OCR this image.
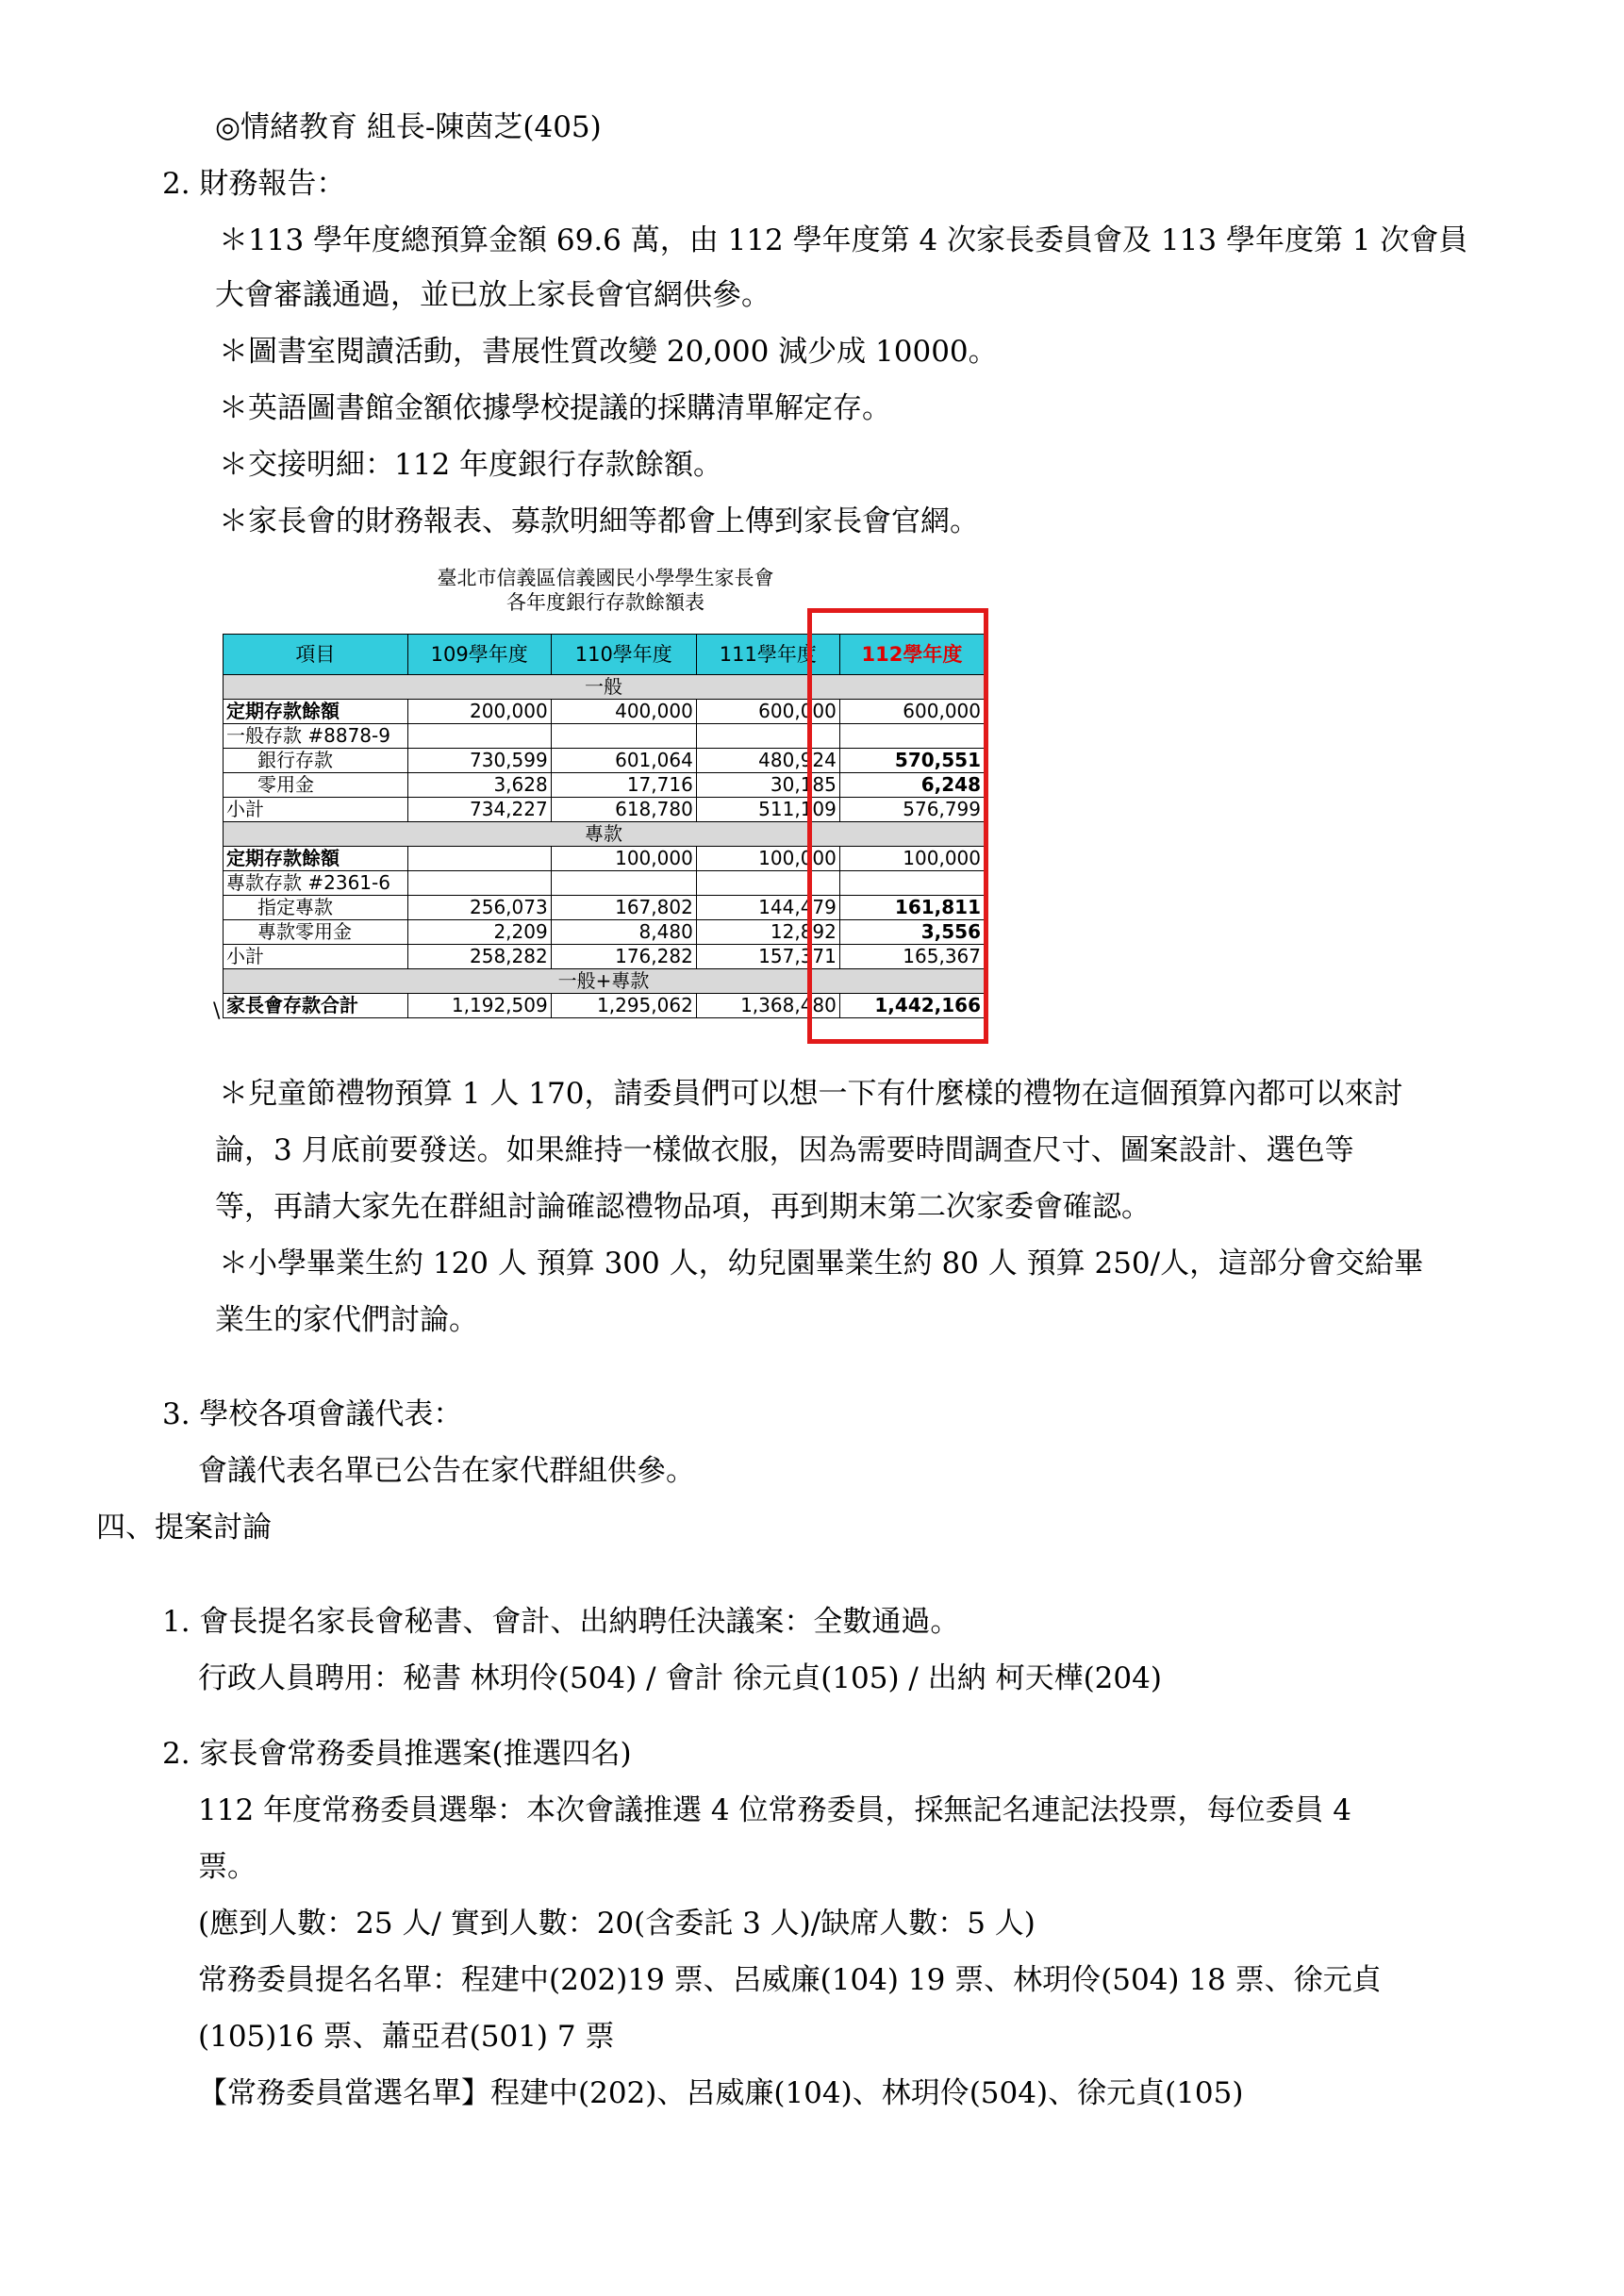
◎情緒教育 組長-陳茵芝(405)
2. 財務報告：
＊113 學年度總預算金額 69.6 萬，由 112 學年度第 4 次家長委員會及 113 學年度第 1 次會員
大會審議通過，並已放上家長會官網供參。
＊圖書室閱讀活動，書展性質改變 20,000 減少成 10000。
＊英語圖書館金額依據學校提議的採購清單解定存。
＊交接明細：112 年度銀行存款餘額。
＊家長會的財務報表、募款明細等都會上傳到家長會官網。
臺北市信義區信義國民小學學生家長會
各年度銀行存款餘額表
項目	109學年度	110學年度	111學年度	112學年度
一般				
定期存款餘額	200,000	400,000	600,000	600,000
一般存款 #8878-9				
銀行存款	730,599	601,064	480,924	570,551
零用金	3,628	17,716	30,185	6,248
小計	734,227	618,780	511,109	576,799
專款				
定期存款餘額		100,000	100,000	100,000
專款存款 #2361-6				
指定專款	256,073	167,802	144,479	161,811
專款零用金	2,209	8,480	12,892	3,556
小計	258,282	176,282	157,371	165,367
一般+專款				
家長會存款合計	1,192,509	1,295,062	1,368,480	1,442,166
\
＊兒童節禮物預算 1 人 170，請委員們可以想一下有什麼樣的禮物在這個預算內都可以來討
論，3 月底前要發送。如果維持一樣做衣服，因為需要時間調查尺寸、圖案設計、選色等
等，再請大家先在群組討論確認禮物品項，再到期末第二次家委會確認。
＊小學畢業生約 120 人 預算 300 人，幼兒園畢業生約 80 人 預算 250/人，這部分會交給畢
業生的家代們討論。
3. 學校各項會議代表：
會議代表名單已公告在家代群組供參。
四、提案討論
1. 會長提名家長會秘書、會計、出納聘任決議案：全數通過。
行政人員聘用：秘書 林玥伶(504) / 會計 徐元貞(105) / 出納 柯天樺(204)
2. 家長會常務委員推選案(推選四名)
112 年度常務委員選舉：本次會議推選 4 位常務委員，採無記名連記法投票，每位委員 4
票。
(應到人數：25 人/ 實到人數：20(含委託 3 人)/缺席人數：5 人)
常務委員提名名單：程建中(202)19 票、呂威廉(104) 19 票、林玥伶(504) 18 票、徐元貞
(105)16 票、蕭亞君(501) 7 票
【常務委員當選名單】程建中(202)、呂威廉(104)、林玥伶(504)、徐元貞(105)
